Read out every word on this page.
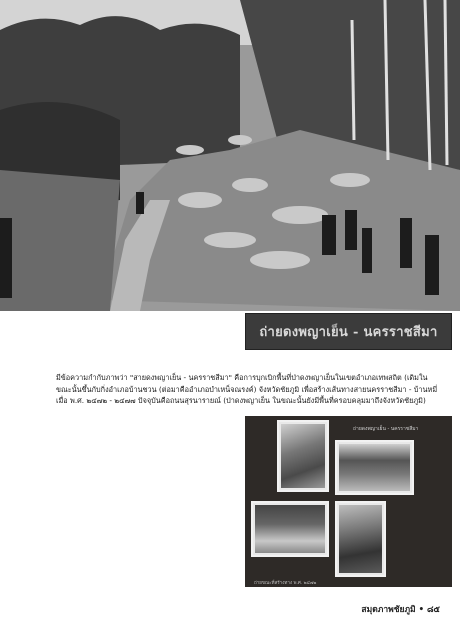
ถ่ายดงพญาเย็น - นครราชสีมา

มีข้อความกำกับภาพว่า "สายดงพญาเย็น - นครราชสีมา" คือการบุกเบิกพื้นที่ป่าดงพญาเย็นในเขตอำเภอเทพสถิต (เดิมใน

ขณะนั้นขึ้นกับกิ่งอำเภอบ้านชวน (ต่อมาคืออำเภอบำเหน็จณรงค์) จังหวัดชัยภูมิ เพื่อสร้างเส้นทางสายนครราชสีมา - บ้านหมี่

เมื่อ พ.ศ. ๒๔๗๒ - ๒๔๗๗ ปัจจุบันคือถนนสุรนารายณ์ (ป่าดงพญาเย็น ในขณะนั้นยังมีพื้นที่ครอบคลุมมาถึงจังหวัดชัยภูมิ)

ถ่ายดงพญาเย็น - นครราชสีมา
ถ่ายขณะที่สร้างทาง พ.ศ. ๒๔๗๒
สมุดภาพชัยภูมิ • ๘๕
